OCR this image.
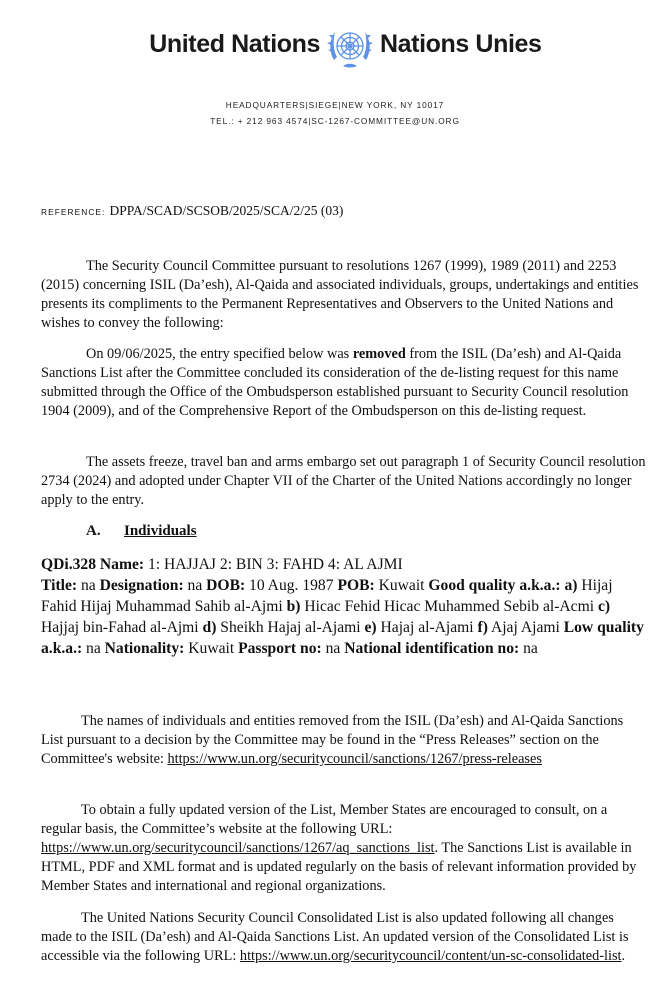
United Nations Nations Unies
HEADQUARTERS|SIEGE|NEW YORK, NY 10017
TEL.: + 212 963 4574|SC-1267-COMMITTEE@UN.ORG
REFERENCE: DPPA/SCAD/SCSOB/2025/SCA/2/25 (03)
The Security Council Committee pursuant to resolutions 1267 (1999), 1989 (2011) and 2253 (2015) concerning ISIL (Da’esh), Al-Qaida and associated individuals, groups, undertakings and entities presents its compliments to the Permanent Representatives and Observers to the United Nations and wishes to convey the following:
On 09/06/2025, the entry specified below was removed from the ISIL (Da’esh) and Al-Qaida Sanctions List after the Committee concluded its consideration of the de-listing request for this name submitted through the Office of the Ombudsperson established pursuant to Security Council resolution 1904 (2009), and of the Comprehensive Report of the Ombudsperson on this de-listing request.
The assets freeze, travel ban and arms embargo set out paragraph 1 of Security Council resolution 2734 (2024) and adopted under Chapter VII of the Charter of the United Nations accordingly no longer apply to the entry.
A. Individuals
QDi.328 Name: 1: HAJJAJ 2: BIN 3: FAHD 4: AL AJMI
Title: na Designation: na DOB: 10 Aug. 1987 POB: Kuwait Good quality a.k.a.: a) Hijaj Fahid Hijaj Muhammad Sahib al-Ajmi b) Hicac Fehid Hicac Muhammed Sebib al-Acmi c) Hajjaj bin-Fahad al-Ajmi d) Sheikh Hajaj al-Ajami e) Hajaj al-Ajami f) Ajaj Ajami Low quality a.k.a.: na Nationality: Kuwait Passport no: na National identification no: na
The names of individuals and entities removed from the ISIL (Da’esh) and Al-Qaida Sanctions List pursuant to a decision by the Committee may be found in the “Press Releases” section on the Committee's website: https://www.un.org/securitycouncil/sanctions/1267/press-releases
To obtain a fully updated version of the List, Member States are encouraged to consult, on a regular basis, the Committee’s website at the following URL: https://www.un.org/securitycouncil/sanctions/1267/aq_sanctions_list. The Sanctions List is available in HTML, PDF and XML format and is updated regularly on the basis of relevant information provided by Member States and international and regional organizations.
The United Nations Security Council Consolidated List is also updated following all changes made to the ISIL (Da’esh) and Al-Qaida Sanctions List. An updated version of the Consolidated List is accessible via the following URL: https://www.un.org/securitycouncil/content/un-sc-consolidated-list.
